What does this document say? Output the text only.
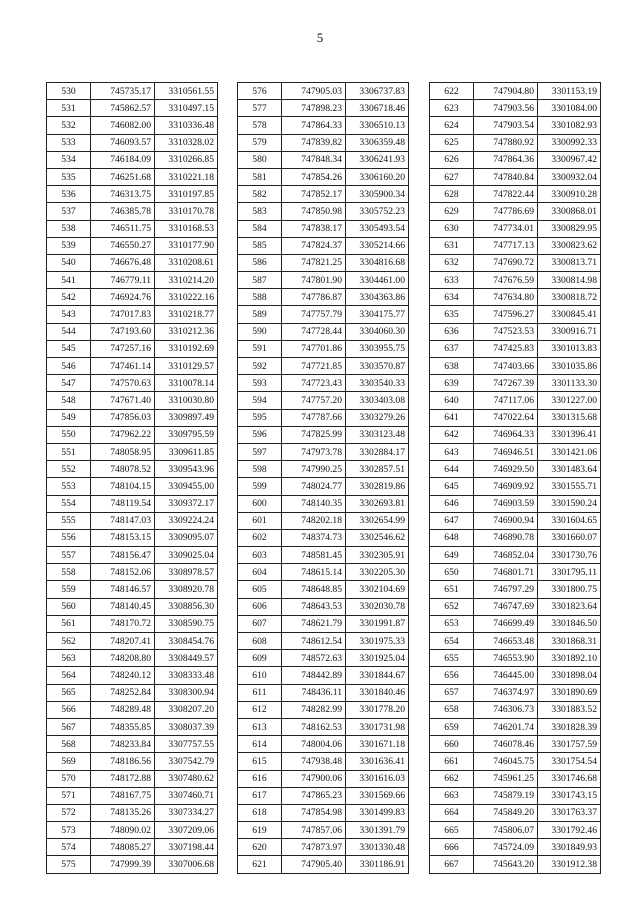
5
530	745735.17	3310561.55
531	745862.57	3310497.15
532	746082.00	3310336.48
533	746093.57	3310328.02
534	746184.09	3310266.85
535	746251.68	3310221.18
536	746313.75	3310197.85
537	746385.78	3310170.78
538	746511.75	3310168.53
539	746550.27	3310177.90
540	746676.48	3310208.61
541	746779.11	3310214.20
542	746924.76	3310222.16
543	747017.83	3310218.77
544	747193.60	3310212.36
545	747257.16	3310192.69
546	747461.14	3310129.57
547	747570.63	3310078.14
548	747671.40	3310030.80
549	747856.03	3309897.49
550	747962.22	3309795.59
551	748058.95	3309611.85
552	748078.52	3309543.96
553	748104.15	3309455.00
554	748119.54	3309372.17
555	748147.03	3309224.24
556	748153.15	3309095.07
557	748156.47	3309025.04
558	748152.06	3308978.57
559	748146.57	3308920.78
560	748140.45	3308856.30
561	748170.72	3308590.75
562	748207.41	3308454.76
563	748208.80	3308449.57
564	748240.12	3308333.48
565	748252.84	3308300.94
566	748289.48	3308207.20
567	748355.85	3308037.39
568	748233.84	3307757.55
569	748186.56	3307542.79
570	748172.88	3307480.62
571	748167.75	3307460.71
572	748135.26	3307334.27
573	748090.02	3307209.06
574	748085.27	3307198.44
575	747999.39	3307006.68
576	747905.03	3306737.83
577	747898.23	3306718.46
578	747864.33	3306510.13
579	747839.82	3306359.48
580	747848.34	3306241.93
581	747854.26	3306160.20
582	747852.17	3305900.34
583	747850.98	3305752.23
584	747838.17	3305493.54
585	747824.37	3305214.66
586	747821.25	3304816.68
587	747801.90	3304461.00
588	747786.87	3304363.86
589	747757.79	3304175.77
590	747728.44	3304060.30
591	747701.86	3303955.75
592	747721.85	3303570.87
593	747723.43	3303540.33
594	747757.20	3303403.08
595	747787.66	3303279.26
596	747825.99	3303123.48
597	747973.78	3302884.17
598	747990.25	3302857.51
599	748024.77	3302819.86
600	748140.35	3302693.81
601	748202.18	3302654.99
602	748374.73	3302546.62
603	748581.45	3302305.91
604	748615.14	3302205.30
605	748648.85	3302104.69
606	748643.53	3302030.78
607	748621.79	3301991.87
608	748612.54	3301975.33
609	748572.63	3301925.04
610	748442.89	3301844.67
611	748436.11	3301840.46
612	748282.99	3301778.20
613	748162.53	3301731.98
614	748004.06	3301671.18
615	747938.48	3301636.41
616	747900.06	3301616.03
617	747865.23	3301569.66
618	747854.98	3301499.83
619	747857.06	3301391.79
620	747873.97	3301330.48
621	747905.40	3301186.91
622	747904.80	3301153.19
623	747903.56	3301084.00
624	747903.54	3301082.93
625	747880.92	3300992.33
626	747864.36	3300967.42
627	747840.84	3300932.04
628	747822.44	3300910.28
629	747786.69	3300868.01
630	747734.01	3300829.95
631	747717.13	3300823.62
632	747690.72	3300813.71
633	747676.59	3300814.98
634	747634.80	3300818.72
635	747596.27	3300845.41
636	747523.53	3300916.71
637	747425.83	3301013.83
638	747403.66	3301035.86
639	747267.39	3301133.30
640	747117.06	3301227.00
641	747022.64	3301315.68
642	746964.33	3301396.41
643	746946.51	3301421.06
644	746929.50	3301483.64
645	746909.92	3301555.71
646	746903.59	3301590.24
647	746900.94	3301604.65
648	746890.78	3301660.07
649	746852.04	3301730.76
650	746801.71	3301795.11
651	746797.29	3301800.75
652	746747.69	3301823.64
653	746699.49	3301846.50
654	746653.48	3301868.31
655	746553.90	3301892.10
656	746445.00	3301898.04
657	746374.97	3301890.69
658	746306.73	3301883.52
659	746201.74	3301828.39
660	746078.46	3301757.59
661	746045.75	3301754.54
662	745961.25	3301746.68
663	745879.19	3301743.15
664	745849.20	3301763.37
665	745806.07	3301792.46
666	745724.09	3301849.93
667	745643.20	3301912.38
